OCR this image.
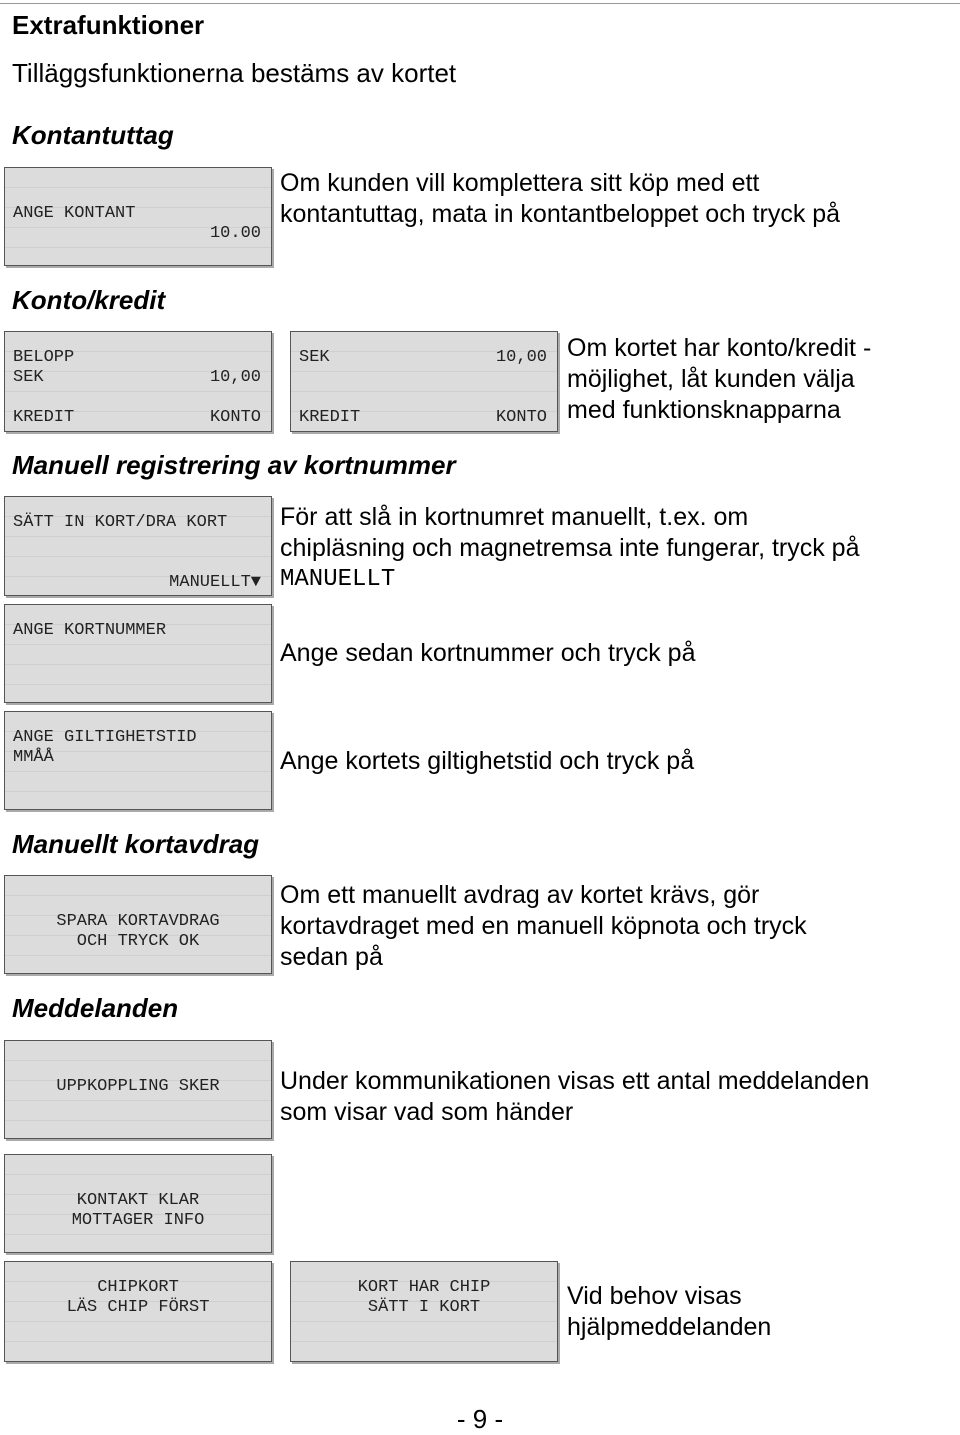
Extrafunktioner
Tilläggsfunktionerna bestäms av kortet
Kontantuttag
ANGE KONTANT
10.00
Om kunden vill komplettera sitt köp med ett
kontantuttag, mata in kontantbeloppet och tryck på
Konto/kredit
BELOPP
SEK	10,00
KREDIT	KONTO
SEK	10,00
KREDIT	KONTO
Om kortet har konto/kredit -
möjlighet, låt kunden välja
med funktionsknapparna
Manuell registrering av kortnummer
SÄTT IN KORT/DRA KORT
MANUELLT▼
För att slå in kortnumret manuellt, t.ex. om
chipläsning och magnetremsa inte fungerar, tryck på
MANUELLT
ANGE KORTNUMMER
Ange sedan kortnummer och tryck på
ANGE GILTIGHETSTID
MMÅÅ	Ange kortets giltighetstid och tryck på
Manuellt kortavdrag
SPARA KORTAVDRAG
OCH TRYCK OK
Om ett manuellt avdrag av kortet krävs, gör
kortavdraget med en manuell köpnota och tryck
sedan på
Meddelanden
UPPKOPPLING SKER	Under kommunikationen visas ett antal meddelanden
som visar vad som händer
KONTAKT KLAR
MOTTAGER INFO
CHIPKORT
LÄS CHIP FÖRST
KORT HAR CHIP
SÄTT I KORT	Vid behov visas
hjälpmeddelanden
- 9 -
